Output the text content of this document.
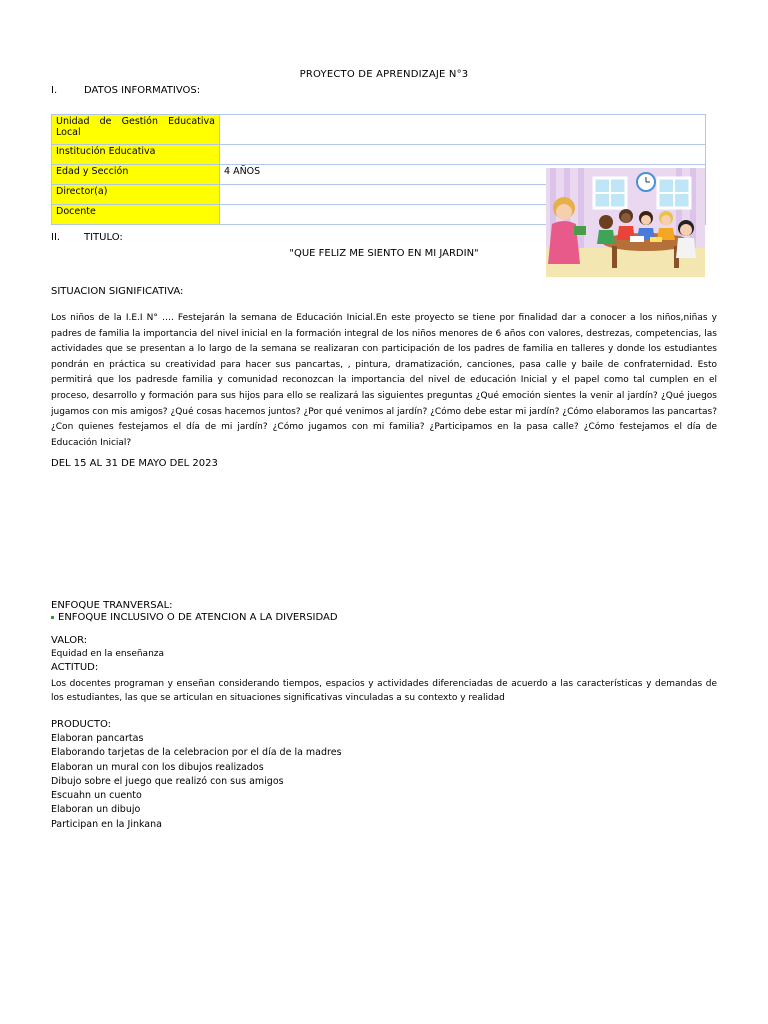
PROYECTO DE APRENDIZAJE N°3
I.	DATOS INFORMATIVOS:
Unidad de Gestión Educativa Local	
Institución Educativa	
Edad y Sección	4 AÑOS
Director(a)	
Docente	
II. TITULO:
"QUE FELIZ ME SIENTO EN MI JARDIN"
SITUACION SIGNIFICATIVA:
Los niños de la I.E.I N° …. Festejarán la semana de Educación Inicial.En este proyecto se tiene por finalidad dar a conocer a los niños,niñas y padres de familia la importancia del nivel inicial en la formación integral de los niños menores de 6 años con valores, destrezas, competencias, las actividades que se presentan a lo largo de la semana se realizaran con participación de los padres de familia en talleres y donde los estudiantes pondrán en práctica su creatividad para hacer sus pancartas, , pintura, dramatización, canciones, pasa calle y baile de confraternidad. Esto permitirá que los padresde familia y comunidad reconozcan la importancia del nivel de educación Inicial y el papel como tal cumplen en el proceso, desarrollo y formación para sus hijos para ello se realizará las siguientes preguntas ¿Qué emoción sientes la venir al jardín? ¿Qué juegos jugamos con mis amigos? ¿Qué cosas hacemos juntos? ¿Por qué venimos al jardín? ¿Cómo debe estar mi jardín? ¿Cómo elaboramos las pancartas? ¿Con quienes festejamos el día de mi jardín? ¿Cómo jugamos con mi familia? ¿Participamos en la pasa calle? ¿Cómo festejamos el día de Educación Inicial?
DEL 15 AL 31 DE MAYO DEL 2023
ENFOQUE TRANVERSAL:
ENFOQUE INCLUSIVO O DE ATENCION A LA DIVERSIDAD
VALOR:
Equidad en la enseñanza
ACTITUD:
Los docentes programan y enseñan considerando tiempos, espacios y actividades diferenciadas de acuerdo a las características y demandas de los estudiantes, las que se articulan en situaciones significativas vinculadas a su contexto y realidad
PRODUCTO:
Elaboran pancartas
Elaborando tarjetas de la celebracion por el día de la madres
Elaboran un mural con los dibujos realizados
Dibujo sobre el juego que realizó con sus amigos
Escuahn un cuento
Elaboran un dibujo
Participan en la Jinkana
